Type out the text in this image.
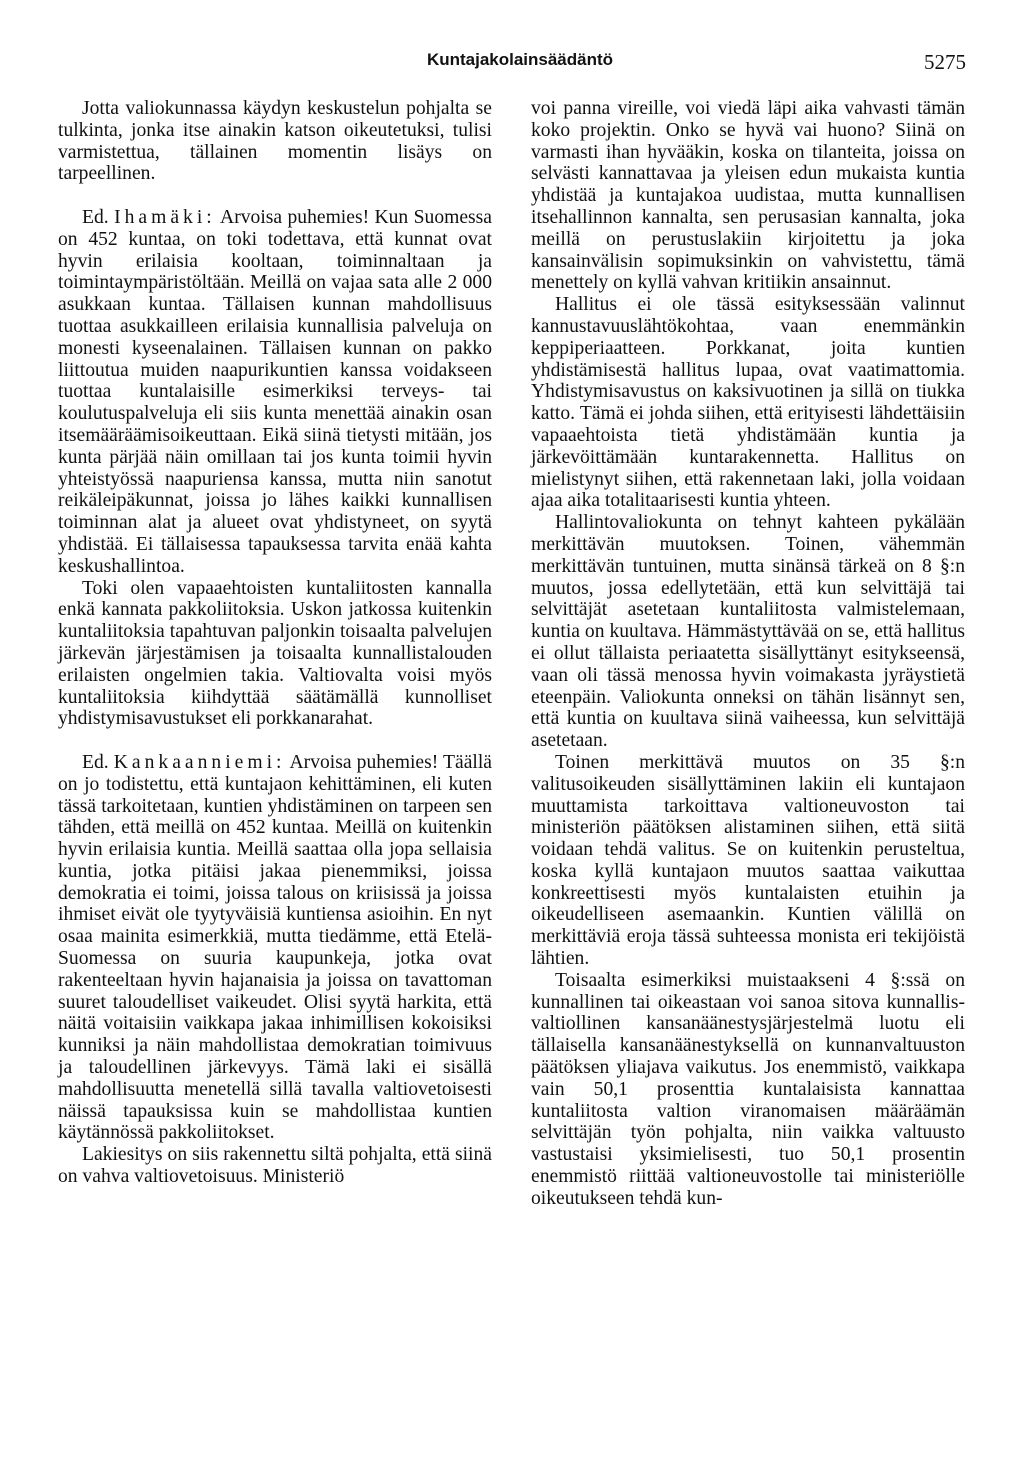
Kuntajakolainsäädäntö	5275

Jotta valiokunnassa käydyn keskustelun pohjalta se tulkinta, jonka itse ainakin katson oikeutetuksi, tulisi varmistettua, tällainen momentin lisäys on tarpeellinen.

Ed. Ihamäki: Arvoisa puhemies! Kun Suomessa on 452 kuntaa, on toki todettava, että kunnat ovat hyvin erilaisia kooltaan, toiminnaltaan ja toimintaympäristöltään. Meillä on vajaa sata alle 2 000 asukkaan kuntaa. Tällaisen kunnan mahdollisuus tuottaa asukkailleen erilaisia kunnallisia palveluja on monesti kyseenalainen. Tällaisen kunnan on pakko liittoutua muiden naapurikuntien kanssa voidakseen tuottaa kuntalaisille esimerkiksi terveys- tai koulutuspalveluja eli siis kunta menettää ainakin osan itsemääräämisoikeuttaan. Eikä siinä tietysti mitään, jos kunta pärjää näin omillaan tai jos kunta toimii hyvin yhteistyössä naapuriensa kanssa, mutta niin sanotut reikäleipäkunnat, joissa jo lähes kaikki kunnallisen toiminnan alat ja alueet ovat yhdistyneet, on syytä yhdistää. Ei tällaisessa tapauksessa tarvita enää kahta keskushallintoa.

Toki olen vapaaehtoisten kuntaliitosten kannalla enkä kannata pakkoliitoksia. Uskon jatkossa kuitenkin kuntaliitoksia tapahtuvan paljonkin toisaalta palvelujen järkevän järjestämisen ja toisaalta kunnallistalouden erilaisten ongelmien takia. Valtiovalta voisi myös kuntaliitoksia kiihdyttää säätämällä kunnolliset yhdistymisavustukset eli porkkanarahat.

Ed. Kankaanniemi: Arvoisa puhemies! Täällä on jo todistettu, että kuntajaon kehittäminen, eli kuten tässä tarkoitetaan, kuntien yhdistäminen on tarpeen sen tähden, että meillä on 452 kuntaa. Meillä on kuitenkin hyvin erilaisia kuntia. Meillä saattaa olla jopa sellaisia kuntia, jotka pitäisi jakaa pienemmiksi, joissa demokratia ei toimi, joissa talous on kriisissä ja joissa ihmiset eivät ole tyytyväisiä kuntiensa asioihin. En nyt osaa mainita esimerkkiä, mutta tiedämme, että Etelä-Suomessa on suuria kaupunkeja, jotka ovat rakenteeltaan hyvin hajanaisia ja joissa on tavattoman suuret taloudelliset vaikeudet. Olisi syytä harkita, että näitä voitaisiin vaikkapa jakaa inhimillisen kokoisiksi kunniksi ja näin mahdollistaa demokratian toimivuus ja taloudellinen järkevyys. Tämä laki ei sisällä mahdollisuutta menetellä sillä tavalla valtiovetoisesti näissä tapauksissa kuin se mahdollistaa kuntien käytännössä pakkoliitokset.

Lakiesitys on siis rakennettu siltä pohjalta, että siinä on vahva valtiovetoisuus. Ministeriö

voi panna vireille, voi viedä läpi aika vahvasti tämän koko projektin. Onko se hyvä vai huono? Siinä on varmasti ihan hyvääkin, koska on tilanteita, joissa on selvästi kannattavaa ja yleisen edun mukaista kuntia yhdistää ja kuntajakoa uudistaa, mutta kunnallisen itsehallinnon kannalta, sen perusasian kannalta, joka meillä on perustuslakiin kirjoitettu ja joka kansainvälisin sopimuksinkin on vahvistettu, tämä menettely on kyllä vahvan kritiikin ansainnut.

Hallitus ei ole tässä esityksessään valinnut kannustavuuslähtökohtaa, vaan enemmänkin keppiperiaatteen. Porkkanat, joita kuntien yhdistämisestä hallitus lupaa, ovat vaatimattomia. Yhdistymisavustus on kaksivuotinen ja sillä on tiukka katto. Tämä ei johda siihen, että erityisesti lähdettäisiin vapaaehtoista tietä yhdistämään kuntia ja järkevöittämään kuntarakennetta. Hallitus on mielistynyt siihen, että rakennetaan laki, jolla voidaan ajaa aika totalitaarisesti kuntia yhteen.

Hallintovaliokunta on tehnyt kahteen pykälään merkittävän muutoksen. Toinen, vähemmän merkittävän tuntuinen, mutta sinänsä tärkeä on 8 §:n muutos, jossa edellytetään, että kun selvittäjä tai selvittäjät asetetaan kuntaliitosta valmistelemaan, kuntia on kuultava. Hämmästyttävää on se, että hallitus ei ollut tällaista periaatetta sisällyttänyt esitykseensä, vaan oli tässä menossa hyvin voimakasta jyräystietä eteenpäin. Valiokunta onneksi on tähän lisännyt sen, että kuntia on kuultava siinä vaiheessa, kun selvittäjä asetetaan.

Toinen merkittävä muutos on 35 §:n valitusoikeuden sisällyttäminen lakiin eli kuntajaon muuttamista tarkoittava valtioneuvoston tai ministeriön päätöksen alistaminen siihen, että siitä voidaan tehdä valitus. Se on kuitenkin perusteltua, koska kyllä kuntajaon muutos saattaa vaikuttaa konkreettisesti myös kuntalaisten etuihin ja oikeudelliseen asemaankin. Kuntien välillä on merkittäviä eroja tässä suhteessa monista eri tekijöistä lähtien.

Toisaalta esimerkiksi muistaakseni 4 §:ssä on kunnallinen tai oikeastaan voi sanoa sitova kunnallis-valtiollinen kansanäänestysjärjestelmä luotu eli tällaisella kansanäänestyksellä on kunnanvaltuuston päätöksen yliajava vaikutus. Jos enemmistö, vaikkapa vain 50,1 prosenttia kuntalaisista kannattaa kuntaliitosta valtion viranomaisen määräämän selvittäjän työn pohjalta, niin vaikka valtuusto vastustaisi yksimielisesti, tuo 50,1 prosentin enemmistö riittää valtioneuvostolle tai ministeriölle oikeutukseen tehdä kun-
